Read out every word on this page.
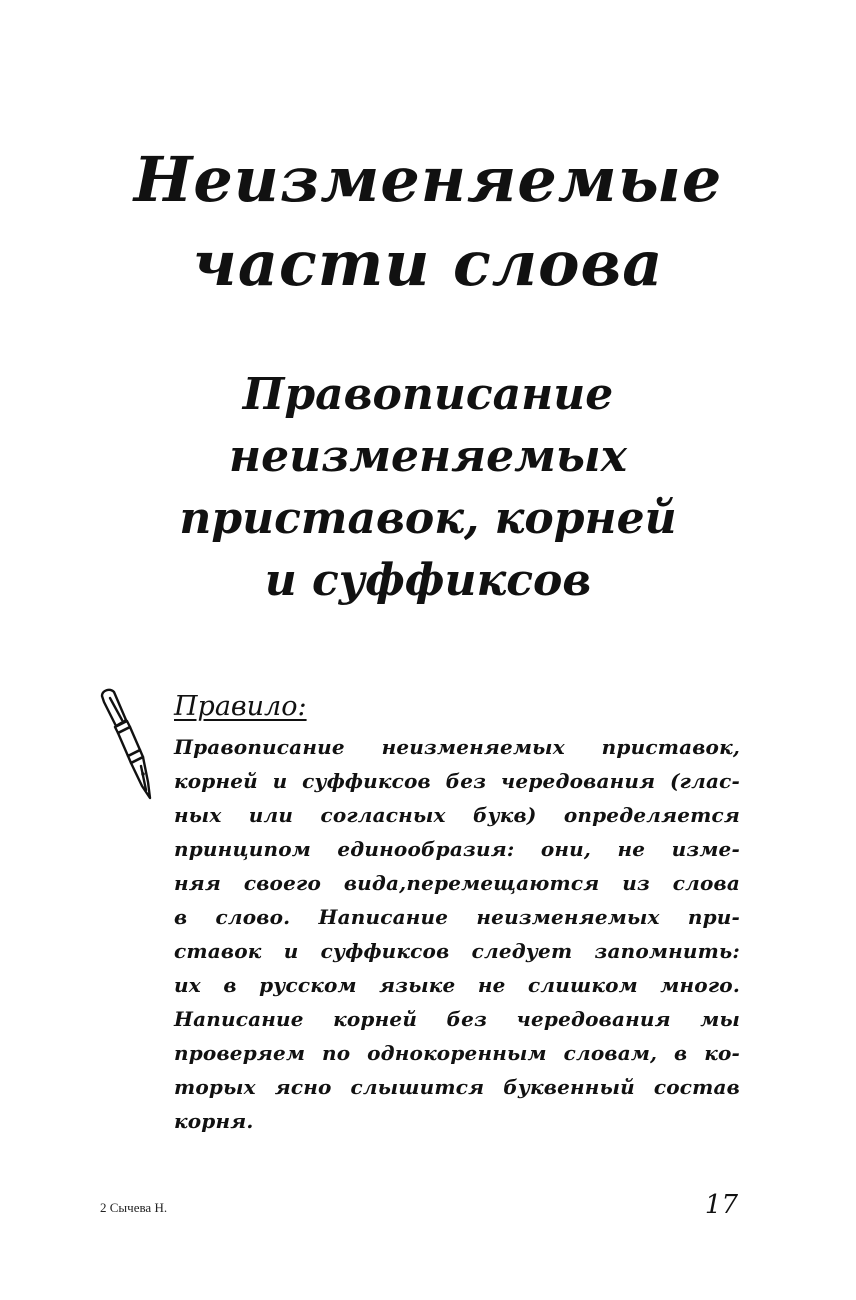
Неизменяемые
части слова
Правописание
неизменяемых
приставок, корней
и суффиксов
Правило:
Правописание неизменяемых приставок,
корней и суффиксов без чередования (глас-
ных или согласных букв) определяется
принципом единообразия: они, не изме-
няя своего вида,перемещаются из слова
в слово. Написание неизменяемых при-
ставок и суффиксов следует запомнить:
их в русском языке не слишком много.
Написание корней без чередования мы
проверяем по однокоренным словам, в ко-
торых ясно слышится буквенный состав
корня.
2 Сычева Н.	17
